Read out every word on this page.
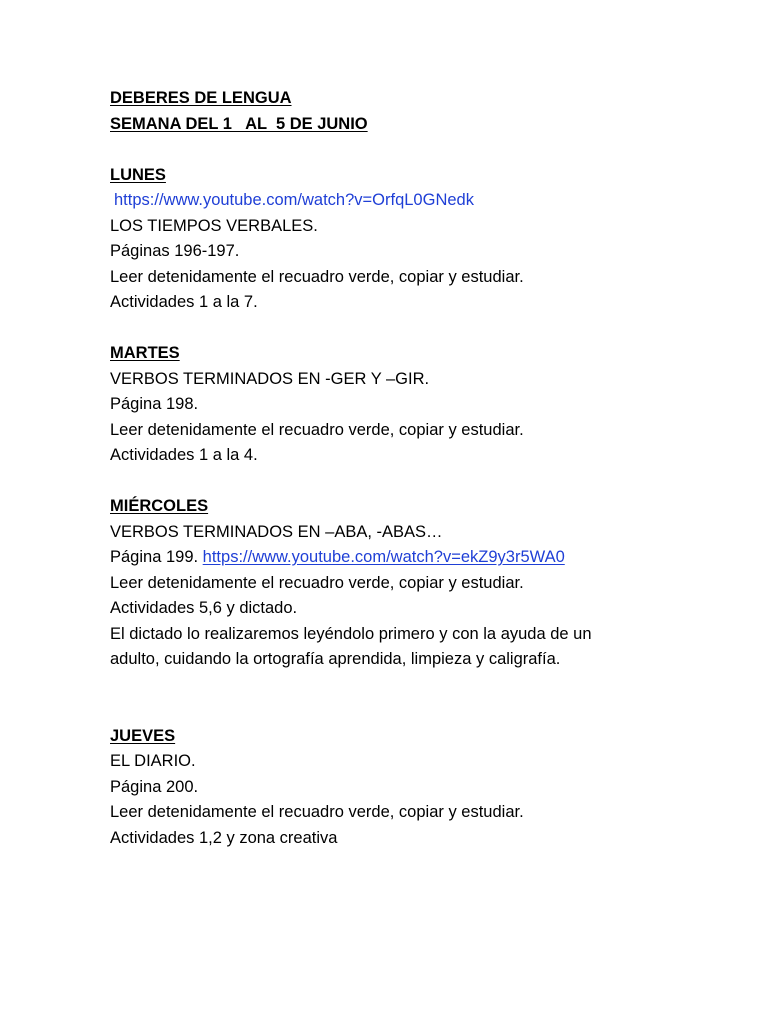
DEBERES DE LENGUA
SEMANA DEL 1   AL  5 DE JUNIO
LUNES
https://www.youtube.com/watch?v=OrfqL0GNedk
LOS TIEMPOS VERBALES.
Páginas 196-197.
Leer detenidamente el recuadro verde, copiar y estudiar.
Actividades 1 a la 7.
MARTES
VERBOS TERMINADOS EN -GER Y –GIR.
Página 198.
Leer detenidamente el recuadro verde, copiar y estudiar.
Actividades 1 a la 4.
MIÉRCOLES
VERBOS TERMINADOS EN –ABA, -ABAS…
Página 199. https://www.youtube.com/watch?v=ekZ9y3r5WA0
Leer detenidamente el recuadro verde, copiar y estudiar.
Actividades 5,6 y dictado.
El dictado lo realizaremos leyéndolo primero y con la ayuda de un
adulto, cuidando la ortografía aprendida, limpieza y caligrafía.
JUEVES
EL DIARIO.
Página 200.
Leer detenidamente el recuadro verde, copiar y estudiar.
Actividades 1,2 y zona creativa
